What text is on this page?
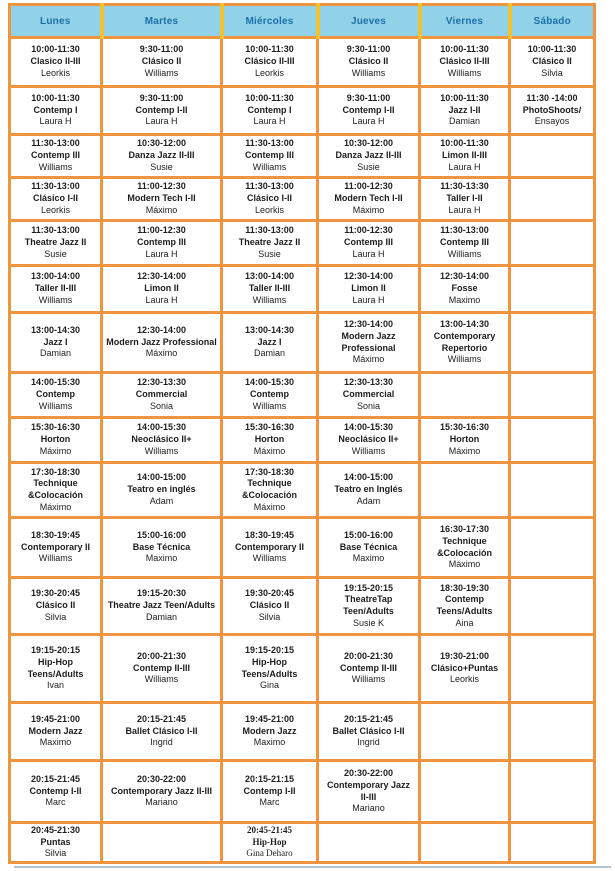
Lunes	Martes	Miércoles	Jueves	Viernes	Sábado

10:00-11:30
Clasico II-III
Leorkis	9:30-11:00
Clásico II
Williams	10:00-11:30
Clásico II-III
Leorkis	9:30-11:00
Clásico II
Williams	10:00-11:30
Clásico II-III
Williams	10:00-11:30
Clásico II
Silvia

10:00-11:30
Contemp I
Laura H	9:30-11:00
Contemp I-II
Laura H	10:00-11:30
Contemp I
Laura H	9:30-11:00
Contemp I-II
Laura H	10:00-11:30
Jazz I-II
Damian	11:30 -14:00
PhotoShoots/
Ensayos

11:30-13:00
Contemp III
Williams	10:30-12:00
Danza Jazz II-III
Susie	11:30-13:00
Contemp III
Williams	10:30-12:00
Danza Jazz II-III
Susie	10:00-11:30
Limon II-III
Laura H	

11:30-13:00
Clásico I-II
Leorkis	11:00-12:30
Modern Tech I-II
Máximo	11:30-13:00
Clásico I-II
Leorkis	11:00-12:30
Modern Tech I-II
Máximo	11:30-13:30
Taller I-II
Laura H	

11:30-13:00
Theatre Jazz II
Susie	11:00-12:30
Contemp III
Laura H	11:30-13:00
Theatre Jazz II
Susie	11:00-12:30
Contemp III
Laura H	11:30-13:00
Contemp III
Williams	

13:00-14:00
Taller II-III
Williams	12:30-14:00
Limon II
Laura H	13:00-14:00
Taller II-III
Williams	12:30-14:00
Limon II
Laura H	12:30-14:00
Fosse
Maximo	

13:00-14:30
Jazz I
Damian	12:30-14:00
Modern Jazz Professional
Máximo	13:00-14:30
Jazz I
Damian	12:30-14:00
Modern Jazz Professional
Máximo	13:00-14:30
Contemporary Repertorio
Williams	

14:00-15:30
Contemp
Williams	12:30-13:30
Commercial
Sonia	14:00-15:30
Contemp
Williams	12:30-13:30
Commercial
Sonia		

15:30-16:30
Horton
Máximo	14:00-15:30
Neoclásico II+
Williams	15:30-16:30
Horton
Máximo	14:00-15:30
Neoclásico II+
Williams	15:30-16:30
Horton
Máximo	

17:30-18:30
Technique &Colocación
Máximo	14:00-15:00
Teatro en inglés
Adam	17:30-18:30
Technique &Colocación
Máximo	14:00-15:00
Teatro en Inglés
Adam		

18:30-19:45
Contemporary II
Williams	15:00-16:00
Base Técnica
Maximo	18:30-19:45
Contemporary II
Williams	15:00-16:00
Base Técnica
Maximo	16:30-17:30
Technique &Colocación
Máximo	

19:30-20:45
Clásico II
Silvia	19:15-20:30
Theatre Jazz Teen/Adults
Damian	19:30-20:45
Clásico II
Silvia	19:15-20:15
TheatreTap Teen/Adults
Susie K	18:30-19:30
Contemp Teens/Adults
Aina	

19:15-20:15
Hip-Hop Teens/Adults
Ivan	20:00-21:30
Contemp II-III
Williams	19:15-20:15
Hip-Hop Teens/Adults
Gina	20:00-21:30
Contemp II-III
Williams	19:30-21:00
Clásico+Puntas
Leorkis	

19:45-21:00
Modern Jazz
Maximo	20:15-21:45
Ballet Clásico I-II
Ingrid	19:45-21:00
Modern Jazz
Maximo	20:15-21:45
Ballet Clásico I-II
Ingrid		

20:15-21:45
Contemp I-II
Marc	20:30-22:00
Contemporary Jazz II-III
Mariano	20:15-21:15
Contemp I-II
Marc	20:30-22:00
Contemporary Jazz II-III
Mariano		

20:45-21:30
Puntas
Silvia		20:45-21:45
Hip-Hop
Gina Deharo			
